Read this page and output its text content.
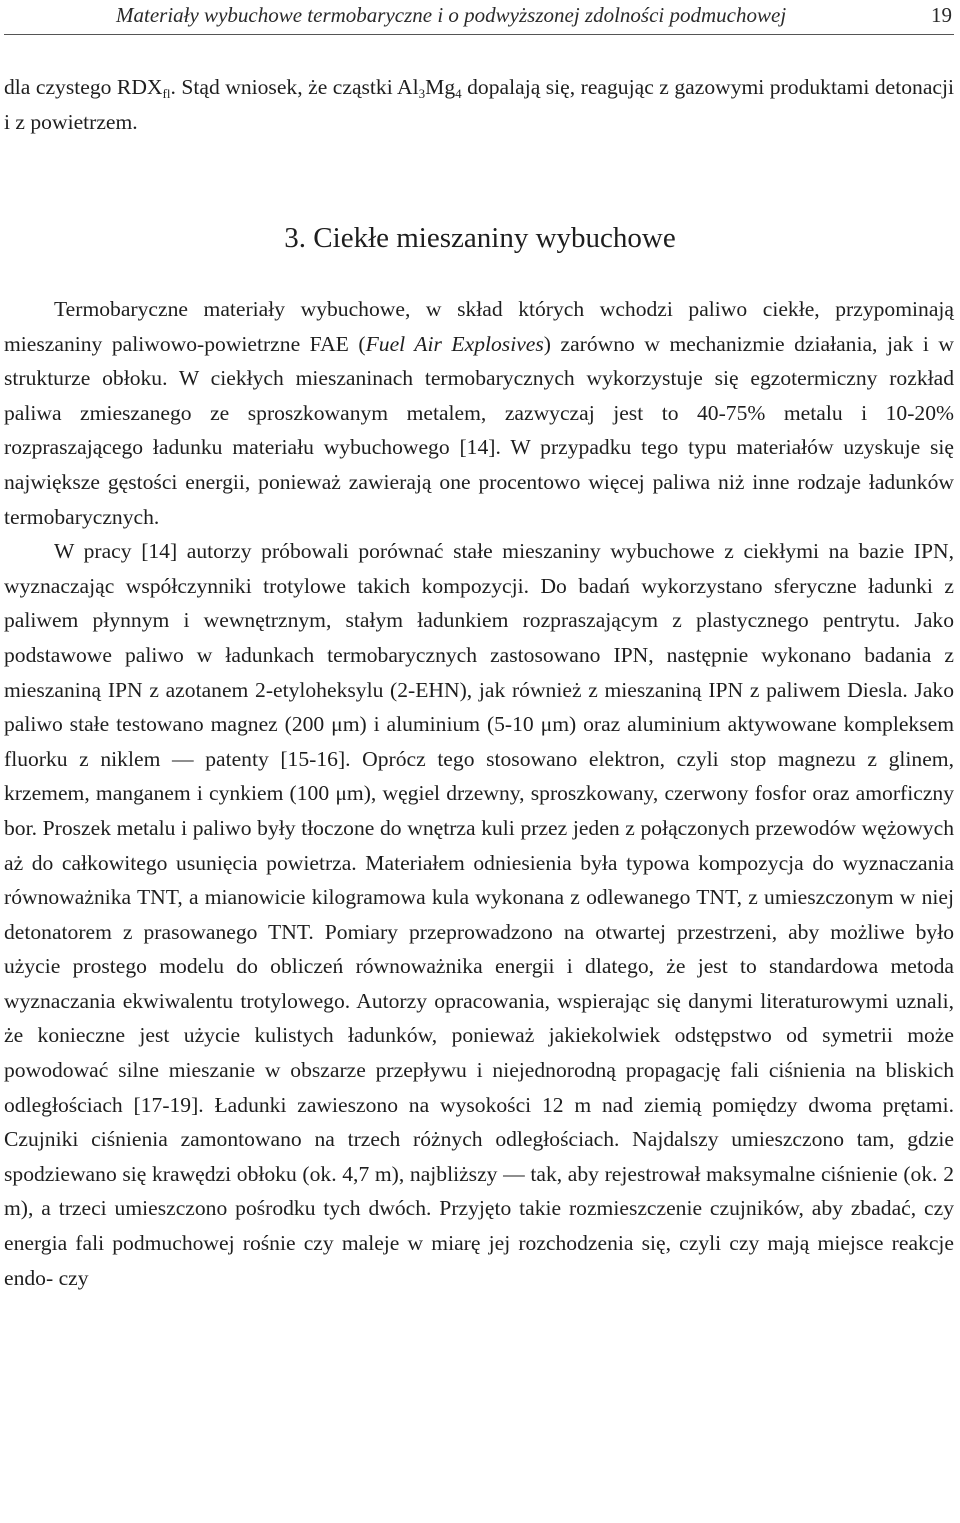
Materiały wybuchowe termobaryczne i o podwyższonej zdolności podmuchowej	19

dla czystego $RDX_{fl}$. Stąd wniosek, że cząstki $Al_3Mg_4$ dopalają się, reagując z gazowymi produktami detonacji i z powietrzem.

3. Ciekłe mieszaniny wybuchowe

Termobaryczne materiały wybuchowe, w skład których wchodzi paliwo ciekłe, przypominają mieszaniny paliwowo-powietrzne FAE (Fuel Air Explosives) zarówno w mechanizmie działania, jak i w strukturze obłoku. W ciekłych mieszaninach termobarycznych wykorzystuje się egzotermiczny rozkład paliwa zmieszanego ze sproszkowanym metalem, zazwyczaj jest to 40-75% metalu i 10-20% rozpraszającego ładunku materiału wybuchowego [14]. W przypadku tego typu materiałów uzyskuje się największe gęstości energii, ponieważ zawierają one procentowo więcej paliwa niż inne rodzaje ładunków termobarycznych.

W pracy [14] autorzy próbowali porównać stałe mieszaniny wybuchowe z ciekłymi na bazie IPN, wyznaczając współczynniki trotylowe takich kompozycji. Do badań wykorzystano sferyczne ładunki z paliwem płynnym i wewnętrznym, stałym ładunkiem rozpraszającym z plastycznego pentrytu. Jako podstawowe paliwo w ładunkach termobarycznych zastosowano IPN, następnie wykonano badania z mieszaniną IPN z azotanem 2-etyloheksylu (2-EHN), jak również z mieszaniną IPN z paliwem Diesla. Jako paliwo stałe testowano magnez (200 μm) i aluminium (5-10 μm) oraz aluminium aktywowane kompleksem fluorku z niklem — patenty [15-16]. Oprócz tego stosowano elektron, czyli stop magnezu z glinem, krzemem, manganem i cynkiem (100 μm), węgiel drzewny, sproszkowany, czerwony fosfor oraz amorficzny bor. Proszek metalu i paliwo były tłoczone do wnętrza kuli przez jeden z połączonych przewodów wężowych aż do całkowitego usunięcia powietrza. Materiałem odniesienia była typowa kompozycja do wyznaczania równoważnika TNT, a mianowicie kilogramowa kula wykonana z odlewanego TNT, z umieszczonym w niej detonatorem z prasowanego TNT. Pomiary przeprowadzono na otwartej przestrzeni, aby możliwe było użycie prostego modelu do obliczeń równoważnika energii i dlatego, że jest to standardowa metoda wyznaczania ekwiwalentu trotylowego. Autorzy opracowania, wspierając się danymi literaturowymi uznali, że konieczne jest użycie kulistych ładunków, ponieważ jakiekolwiek odstępstwo od symetrii może powodować silne mieszanie w obszarze przepływu i niejednorodną propagację fali ciśnienia na bliskich odległościach [17-19]. Ładunki zawieszono na wysokości 12 m nad ziemią pomiędzy dwoma prętami. Czujniki ciśnienia zamontowano na trzech różnych odległościach. Najdalszy umieszczono tam, gdzie spodziewano się krawędzi obłoku (ok. 4,7 m), najbliższy — tak, aby rejestrował maksymalne ciśnienie (ok. 2 m), a trzeci umieszczono pośrodku tych dwóch. Przyjęto takie rozmieszczenie czujników, aby zbadać, czy energia fali podmuchowej rośnie czy maleje w miarę jej rozchodzenia się, czyli czy mają miejsce reakcje endo- czy
